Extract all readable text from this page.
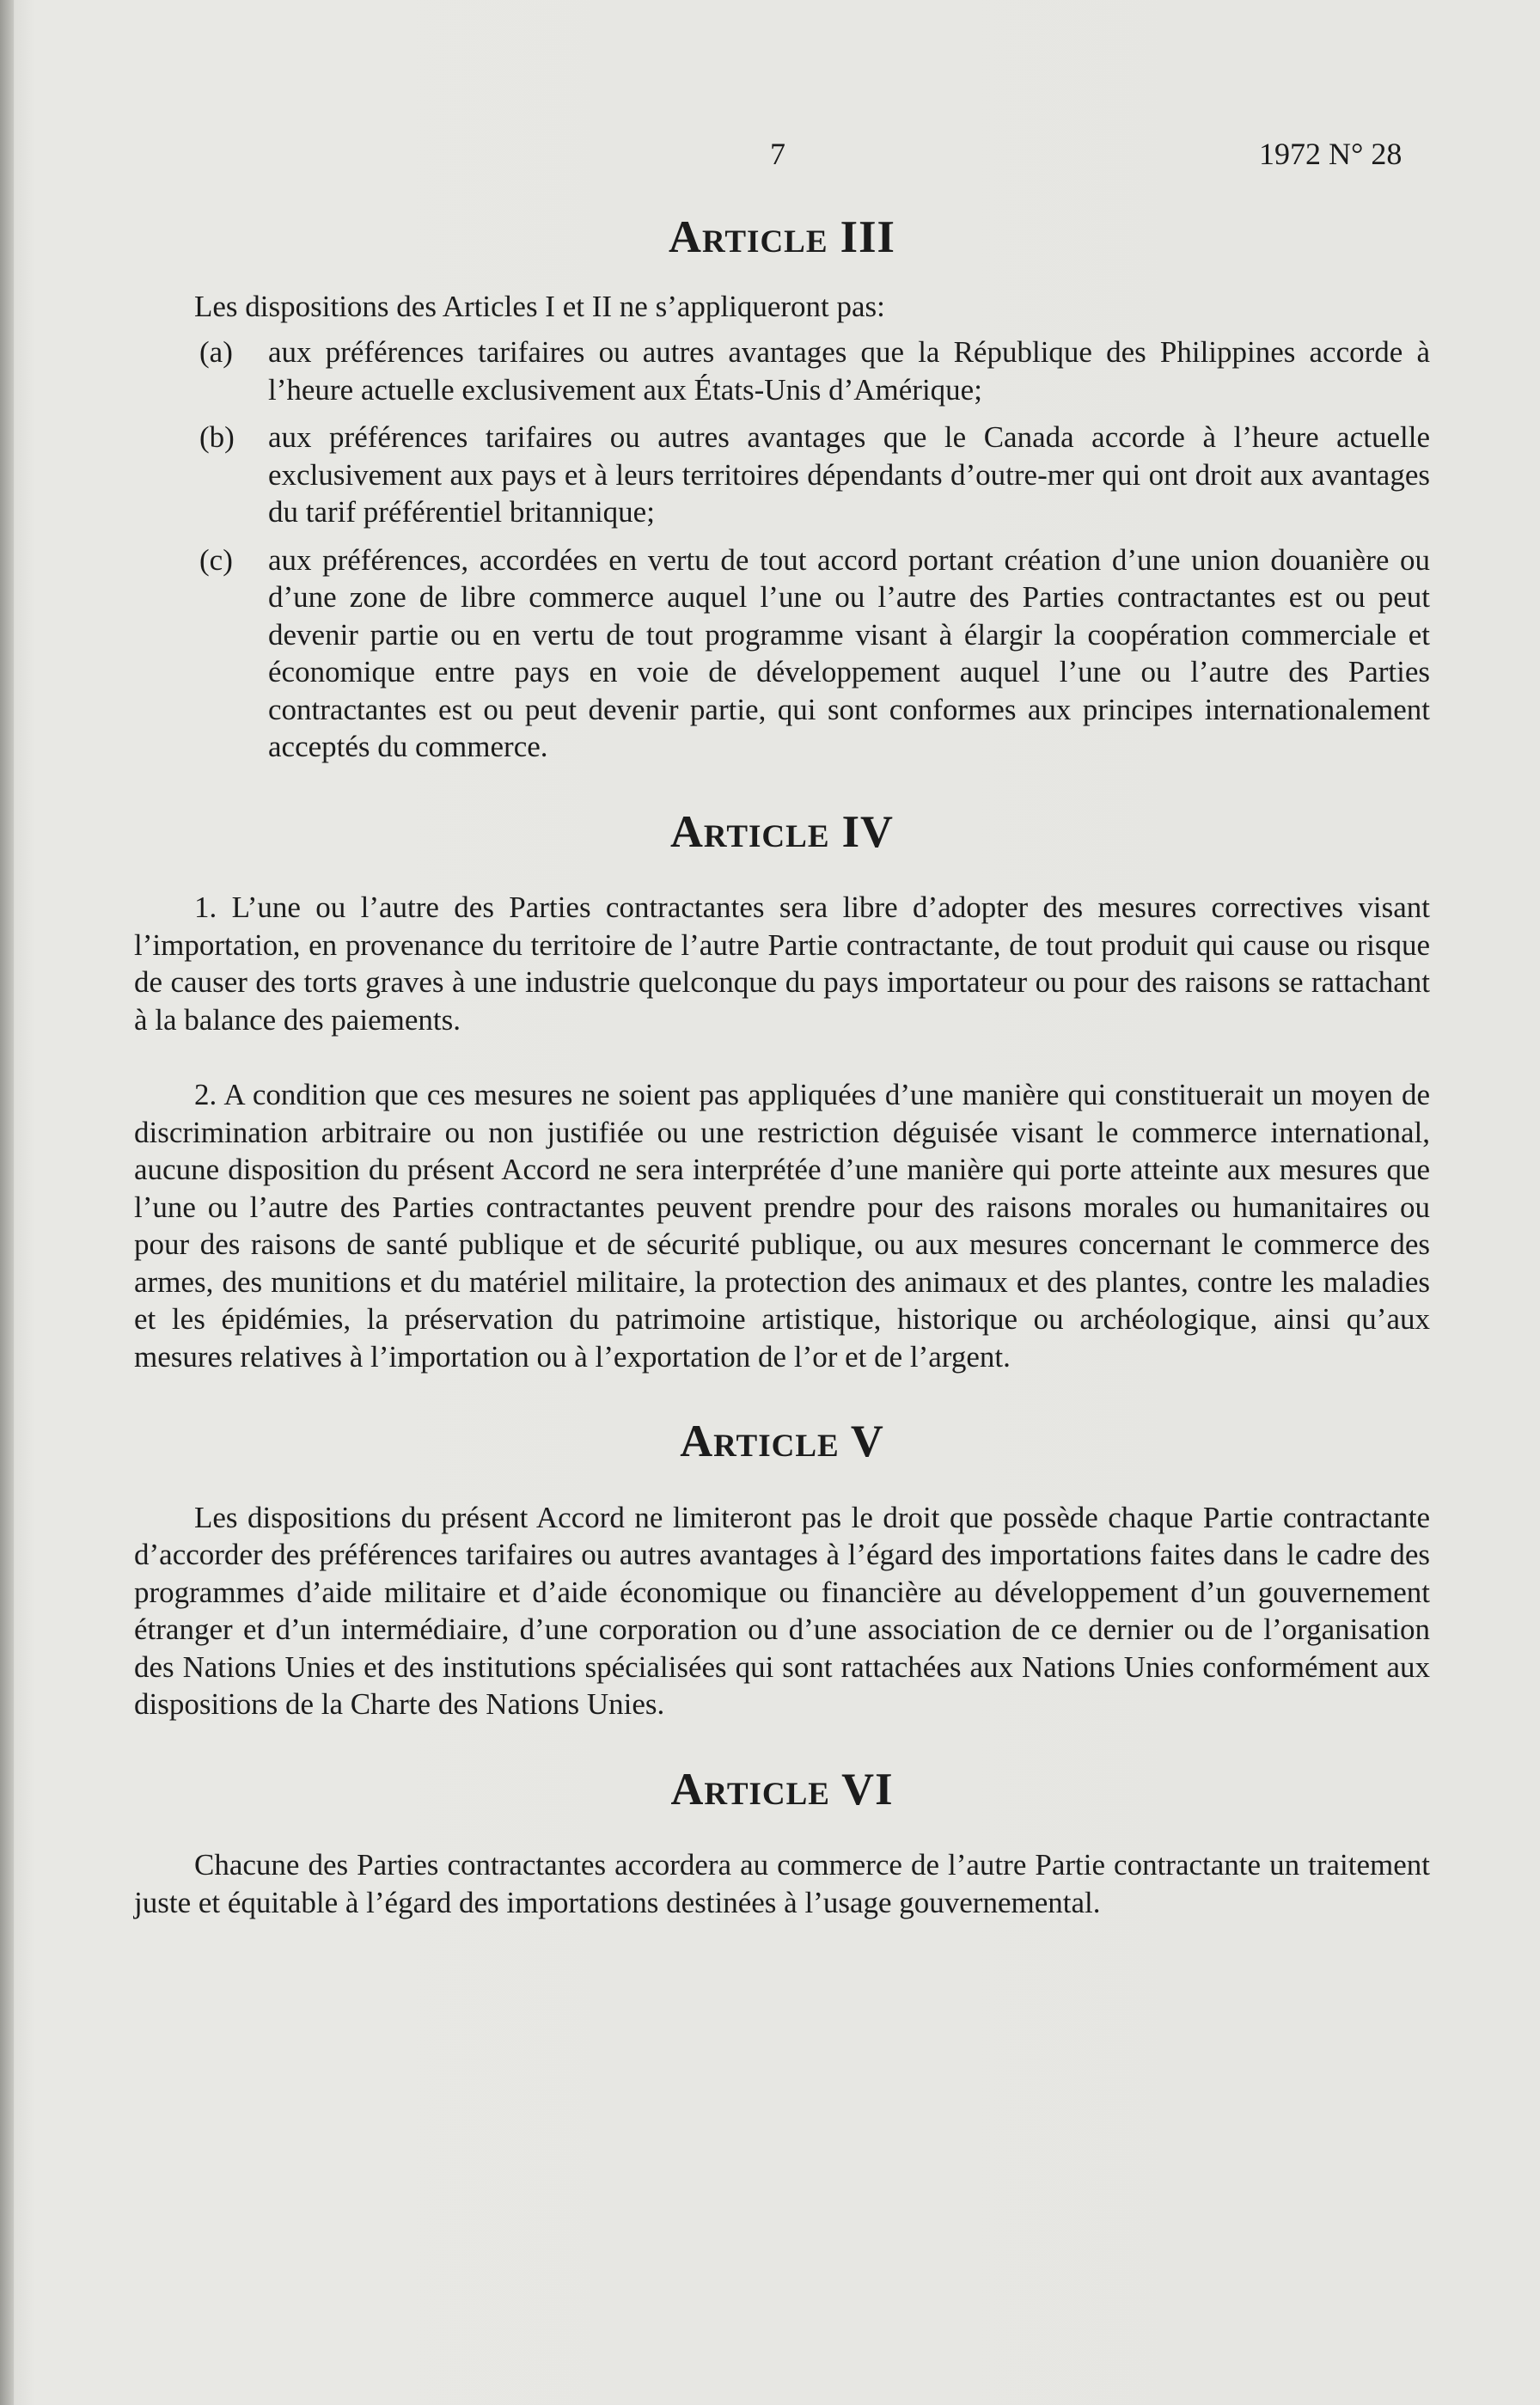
7	1972 N° 28
Article III

Les dispositions des Articles I et II ne s’appliqueront pas:

(a)	aux préférences tarifaires ou autres avantages que la République des Philippines accorde à l’heure actuelle exclusivement aux États-Unis d’Amérique;
(b)	aux préférences tarifaires ou autres avantages que le Canada accorde à l’heure actuelle exclusivement aux pays et à leurs territoires dépendants d’outre-mer qui ont droit aux avantages du tarif préférentiel britannique;
(c)	aux préférences, accordées en vertu de tout accord portant création d’une union douanière ou d’une zone de libre commerce auquel l’une ou l’autre des Parties contractantes est ou peut devenir partie ou en vertu de tout programme visant à élargir la coopération commerciale et économique entre pays en voie de développement auquel l’une ou l’autre des Parties contractantes est ou peut devenir partie, qui sont conformes aux principes internationalement acceptés du commerce.
Article IV

1. L’une ou l’autre des Parties contractantes sera libre d’adopter des mesures correctives visant l’importation, en provenance du territoire de l’autre Partie contractante, de tout produit qui cause ou risque de causer des torts graves à une industrie quelconque du pays importateur ou pour des raisons se rattachant à la balance des paiements.

2. A condition que ces mesures ne soient pas appliquées d’une manière qui constituerait un moyen de discrimination arbitraire ou non justifiée ou une restriction déguisée visant le commerce international, aucune disposition du présent Accord ne sera interprétée d’une manière qui porte atteinte aux mesures que l’une ou l’autre des Parties contractantes peuvent prendre pour des raisons morales ou humanitaires ou pour des raisons de santé publique et de sécurité publique, ou aux mesures concernant le commerce des armes, des munitions et du matériel militaire, la protection des animaux et des plantes, contre les maladies et les épidémies, la préservation du patrimoine artistique, historique ou archéologique, ainsi qu’aux mesures relatives à l’importation ou à l’exportation de l’or et de l’argent.

Article V

Les dispositions du présent Accord ne limiteront pas le droit que possède chaque Partie contractante d’accorder des préférences tarifaires ou autres avantages à l’égard des importations faites dans le cadre des programmes d’aide militaire et d’aide économique ou financière au développement d’un gouvernement étranger et d’un intermédiaire, d’une corporation ou d’une association de ce dernier ou de l’organisation des Nations Unies et des institutions spécialisées qui sont rattachées aux Nations Unies conformément aux dispositions de la Charte des Nations Unies.

Article VI

Chacune des Parties contractantes accordera au commerce de l’autre Partie contractante un traitement juste et équitable à l’égard des importations destinées à l’usage gouvernemental.
